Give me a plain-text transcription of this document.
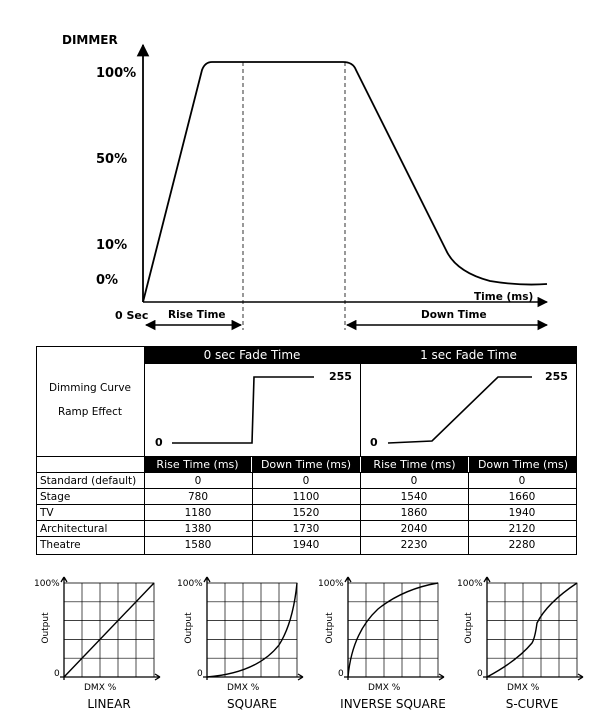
DIMMER
100%
50%
10%
0%
0 Sec
Time (ms)
Rise Time	Down Time
0 sec Fade Time	1 sec Fade Time
Dimming Curve
Ramp Effect
0
255
0
255
Rise Time (ms)	Down Time (ms)	Rise Time (ms)	Down Time (ms)
Standard (default)	0	0	0	0
Stage	780	1100	1540	1660
TV	1180	1520	1860	1940
Architectural	1380	1730	2040	2120
Theatre	1580	1940	2230	2280
100%
0
Output
DMX %
LINEAR
100%
0
Output
DMX %
SQUARE
100%
0
Output
DMX %
INVERSE SQUARE
100%
0
Output
DMX %
S-CURVE
